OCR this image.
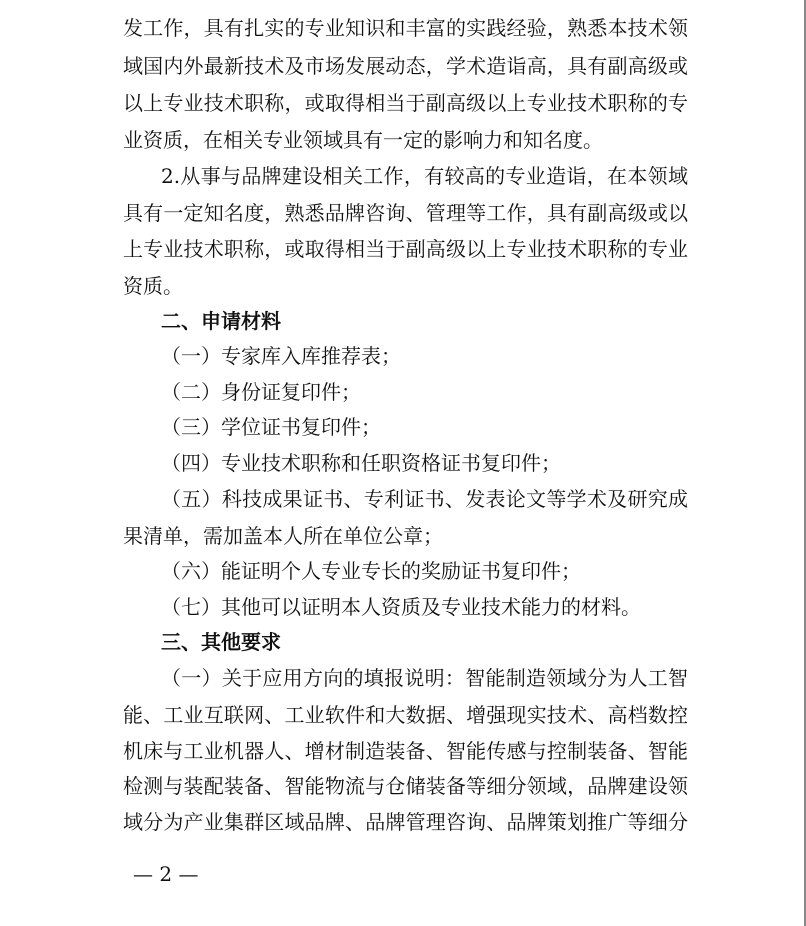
发工作，具有扎实的专业知识和丰富的实践经验，熟悉本技术领

域国内外最新技术及市场发展动态，学术造诣高，具有副高级或

以上专业技术职称，或取得相当于副高级以上专业技术职称的专

业资质，在相关专业领域具有一定的影响力和知名度。

2.从事与品牌建设相关工作，有较高的专业造诣，在本领域

具有一定知名度，熟悉品牌咨询、管理等工作，具有副高级或以

上专业技术职称，或取得相当于副高级以上专业技术职称的专业

资质。

二、申请材料

（一）专家库入库推荐表；

（二）身份证复印件；

（三）学位证书复印件；

（四）专业技术职称和任职资格证书复印件；

（五）科技成果证书、专利证书、发表论文等学术及研究成

果清单，需加盖本人所在单位公章；

（六）能证明个人专业专长的奖励证书复印件；

（七）其他可以证明本人资质及专业技术能力的材料。

三、其他要求

（一）关于应用方向的填报说明：智能制造领域分为人工智

能、工业互联网、工业软件和大数据、增强现实技术、高档数控

机床与工业机器人、增材制造装备、智能传感与控制装备、智能

检测与装配装备、智能物流与仓储装备等细分领域，品牌建设领

域分为产业集群区域品牌、品牌管理咨询、品牌策划推广等细分

— 2 —
